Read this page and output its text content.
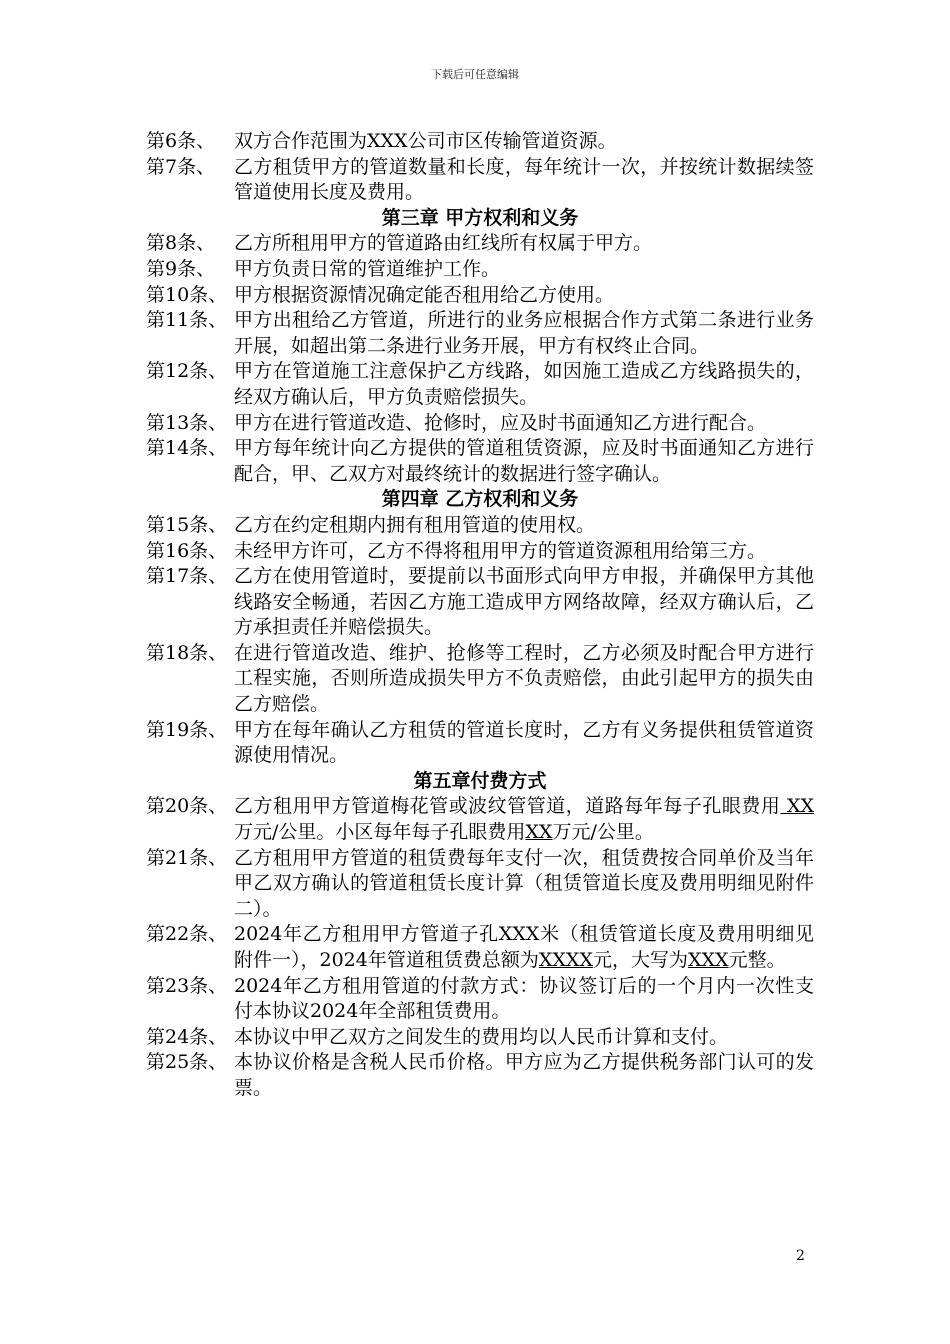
下载后可任意编辑
第6条、 双方合作范围为XXX公司市区传输管道资源。
第7条、 乙方租赁甲方的管道数量和长度，每年统计一次，并按统计数据续签管道使用长度及费用。
第三章 甲方权利和义务
第8条、 乙方所租用甲方的管道路由红线所有权属于甲方。
第9条、 甲方负责日常的管道维护工作。
第10条、 甲方根据资源情况确定能否租用给乙方使用。
第11条、 甲方出租给乙方管道，所进行的业务应根据合作方式第二条进行业务开展，如超出第二条进行业务开展，甲方有权终止合同。
第12条、 甲方在管道施工注意保护乙方线路，如因施工造成乙方线路损失的，经双方确认后，甲方负责赔偿损失。
第13条、 甲方在进行管道改造、抢修时，应及时书面通知乙方进行配合。
第14条、 甲方每年统计向乙方提供的管道租赁资源，应及时书面通知乙方进行配合，甲、乙双方对最终统计的数据进行签字确认。
第四章 乙方权利和义务
第15条、 乙方在约定租期内拥有租用管道的使用权。
第16条、 未经甲方许可，乙方不得将租用甲方的管道资源租用给第三方。
第17条、 乙方在使用管道时，要提前以书面形式向甲方申报，并确保甲方其他线路安全畅通，若因乙方施工造成甲方网络故障，经双方确认后，乙方承担责任并赔偿损失。
第18条、 在进行管道改造、维护、抢修等工程时，乙方必须及时配合甲方进行工程实施，否则所造成损失甲方不负责赔偿，由此引起甲方的损失由乙方赔偿。
第19条、 甲方在每年确认乙方租赁的管道长度时，乙方有义务提供租赁管道资源使用情况。
第五章付费方式
第20条、 乙方租用甲方管道梅花管或波纹管管道，道路每年每子孔眼费用 XX万元/公里。小区每年每子孔眼费用XX万元/公里。
第21条、 乙方租用甲方管道的租赁费每年支付一次，租赁费按合同单价及当年甲乙双方确认的管道租赁长度计算（租赁管道长度及费用明细见附件二）。
第22条、 2024年乙方租用甲方管道子孔XXX米（租赁管道长度及费用明细见附件一），2024年管道租赁费总额为XXXX元，大写为XXX元整。
第23条、 2024年乙方租用管道的付款方式：协议签订后的一个月内一次性支付本协议2024年全部租赁费用。
第24条、 本协议中甲乙双方之间发生的费用均以人民币计算和支付。
第25条、 本协议价格是含税人民币价格。甲方应为乙方提供税务部门认可的发票。
2
